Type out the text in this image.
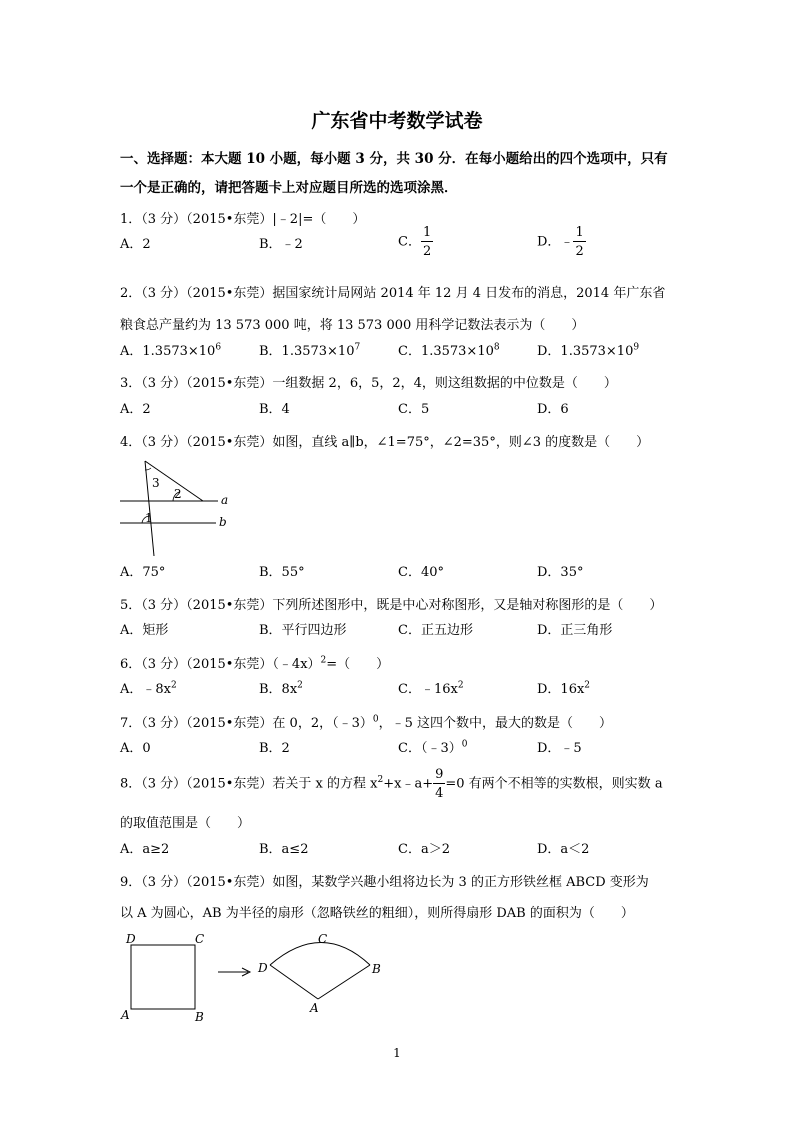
广东省中考数学试卷
一、选择题：本大题 10 小题，每小题 3 分，共 30 分．在每小题给出的四个选项中，只有
一个是正确的，请把答题卡上对应题目所选的选项涂黑．
1．（3 分）（2015•东莞）|﹣2|=（　　）
A．2	B．﹣2	C． $\frac{1}{2}$	D．﹣ $\frac{1}{2}$
2．（3 分）（2015•东莞）据国家统计局网站 2014 年 12 月 4 日发布的消息，2014 年广东省
粮食总产量约为 13 573 000 吨，将 13 573 000 用科学记数法表示为（　　）
A．$1.3573\times 10^6$	B．$1.3573\times 10^7$	C．$1.3573\times 10^8$	D．$1.3573\times 10^9$
3．（3 分）（2015•东莞）一组数据 2，6，5，2，4，则这组数据的中位数是（　　）
A．2	B．4	C．5	D．6
4．（3 分）（2015•东莞）如图，直线 a∥b，∠1=75°，∠2=35°，则∠3 的度数是（　　）
3
2
1
a
b
A．75°	B．55°	C．40°	D．35°
5．（3 分）（2015•东莞）下列所述图形中，既是中心对称图形，又是轴对称图形的是（　　）
A．矩形	B．平行四边形	C．正五边形	D．正三角形
6．（3 分）（2015•东莞）（﹣4x）$^2$=（　　）
A．$﹣8x^2$	B．$8x^2$	C．$﹣16x^2$	D．$16x^2$
7．（3 分）（2015•东莞）在 0，2，（﹣3）$^0$，﹣5 这四个数中，最大的数是（　　）
A．0	B．2	C．（﹣3）$^0$	D．﹣5
8．（3 分）（2015•东莞）若关于 x 的方程 $x^2+x﹣a+ \frac{9}{4} =0$ 有两个不相等的实数根，则实数 a
的取值范围是（　　）
A．a≥2	B．a≤2	C．a＞2	D．a＜2
9．（3 分）（2015•东莞）如图，某数学兴趣小组将边长为 3 的正方形铁丝框 ABCD 变形为
以 A 为圆心，AB 为半径的扇形（忽略铁丝的粗细），则所得扇形 DAB 的面积为（　　）
D	C
A	B
C
D	B
A
1
